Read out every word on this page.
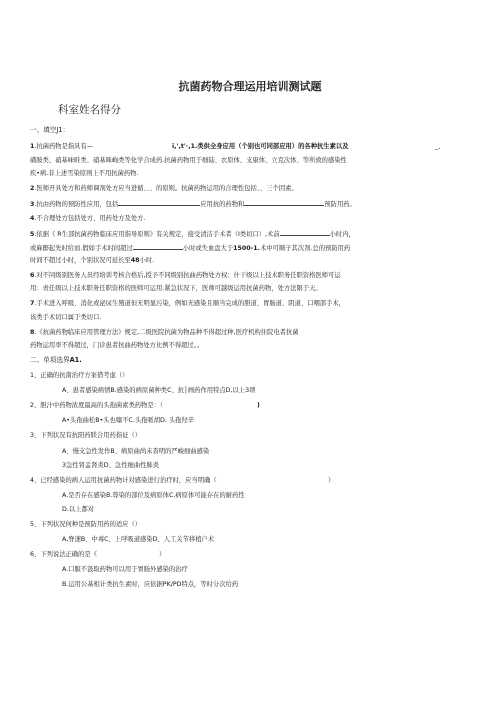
抗菌药物合理运用培训测试题
科室姓名得分
一、填空J1：
1.抗菌药物是指具有—	i,',t'·,1.类供全身应用（个别也可同部应用）的各种抗生素以及	_、
磺胺类、硝基味畦类、硝基咪峋类等化学合成药.抗菌药物用于细陆、衣原体、支康体、立克次体、等所致的感染性
疾•病.非上述雪染原则上不用抗菌药物.
2.医师开具处方和药师调剂处方应当进循、、、的原则。抗菌药物运用的合理性包括、、三个因素。
3.抗由药物的预防性应用，包括	应用抗的药物和	预防用药。
4.不合理处方包括处方、用药处方及处方.
5.依据《 R生部抗菌药物临床应用指导原则》有关规定，接受清洁手术者（I类切口）,术前	小时内，
或麻醉起先时给而.假如手术时间超过	小时或失血盘大于1500-1.术中可顺子其次剂.总的预防用药
时间不超过小时，个别状况可延长至48小时.
6.对不同级别医务人员经培训考核合格后,授予不同级别抗曲药物处方权：什干级以上技术职务任职资格医师可运
用：责任级以上技术职务任职资格的医师可运用.紧急状况下，医师可越级运用抗菌药物，处方法限于天。
7.手术进入呼吸、消化或泌尿生殖道但无明显污染，例如无感染且顺当完成的胆道、胃肠道、阴道、口咽部手术，
该类手术切口属于类切口.
8.《抗菌药物临床应用管理方法》规定,二级医院抗菌为物品种不得超过种,医疗机构住院电者抗菌
药物运用率不得超过，门诊患者抗曲药物处方比例不得超过。。
二、单项选界A1.
1、正确的抗南治疗方案借考虑（）
A、患者感染病情B.感染的病原菌种类C、抗│画药作用特点D,以上3项
2、胆汁中药物浓度最高的头孢菌素类药物是：（	)
A•头孢曲松B•头也噻不C.头孢哌胡D. 头孢羟辛
3、下列状况有抗阳药联合用药指征（）
A、慢支急性发作B、病原曲尚未杳明的严峻细曲感染
3急性肾盂肾炎D、急性细曲性肺炎
4、已经感染的病人运用抗菌药物计对感染进行治疗时，应当明确（	）
A.是否存在感染B.尊染的部位及病原体C.病原体可能存在的耐药性
D.以上都对
5、下列状况何种是预防用药的适应（）
A,脊速B、中毒C、上呼吸道感染D、人工关节移植户术
6、下列说法正确的是《	）
A.口服不汲取药物可以用于胃肠外感染的治疗
B.运用公基相计类抗生素时，应依据PK/PD特点，等时分次给药
